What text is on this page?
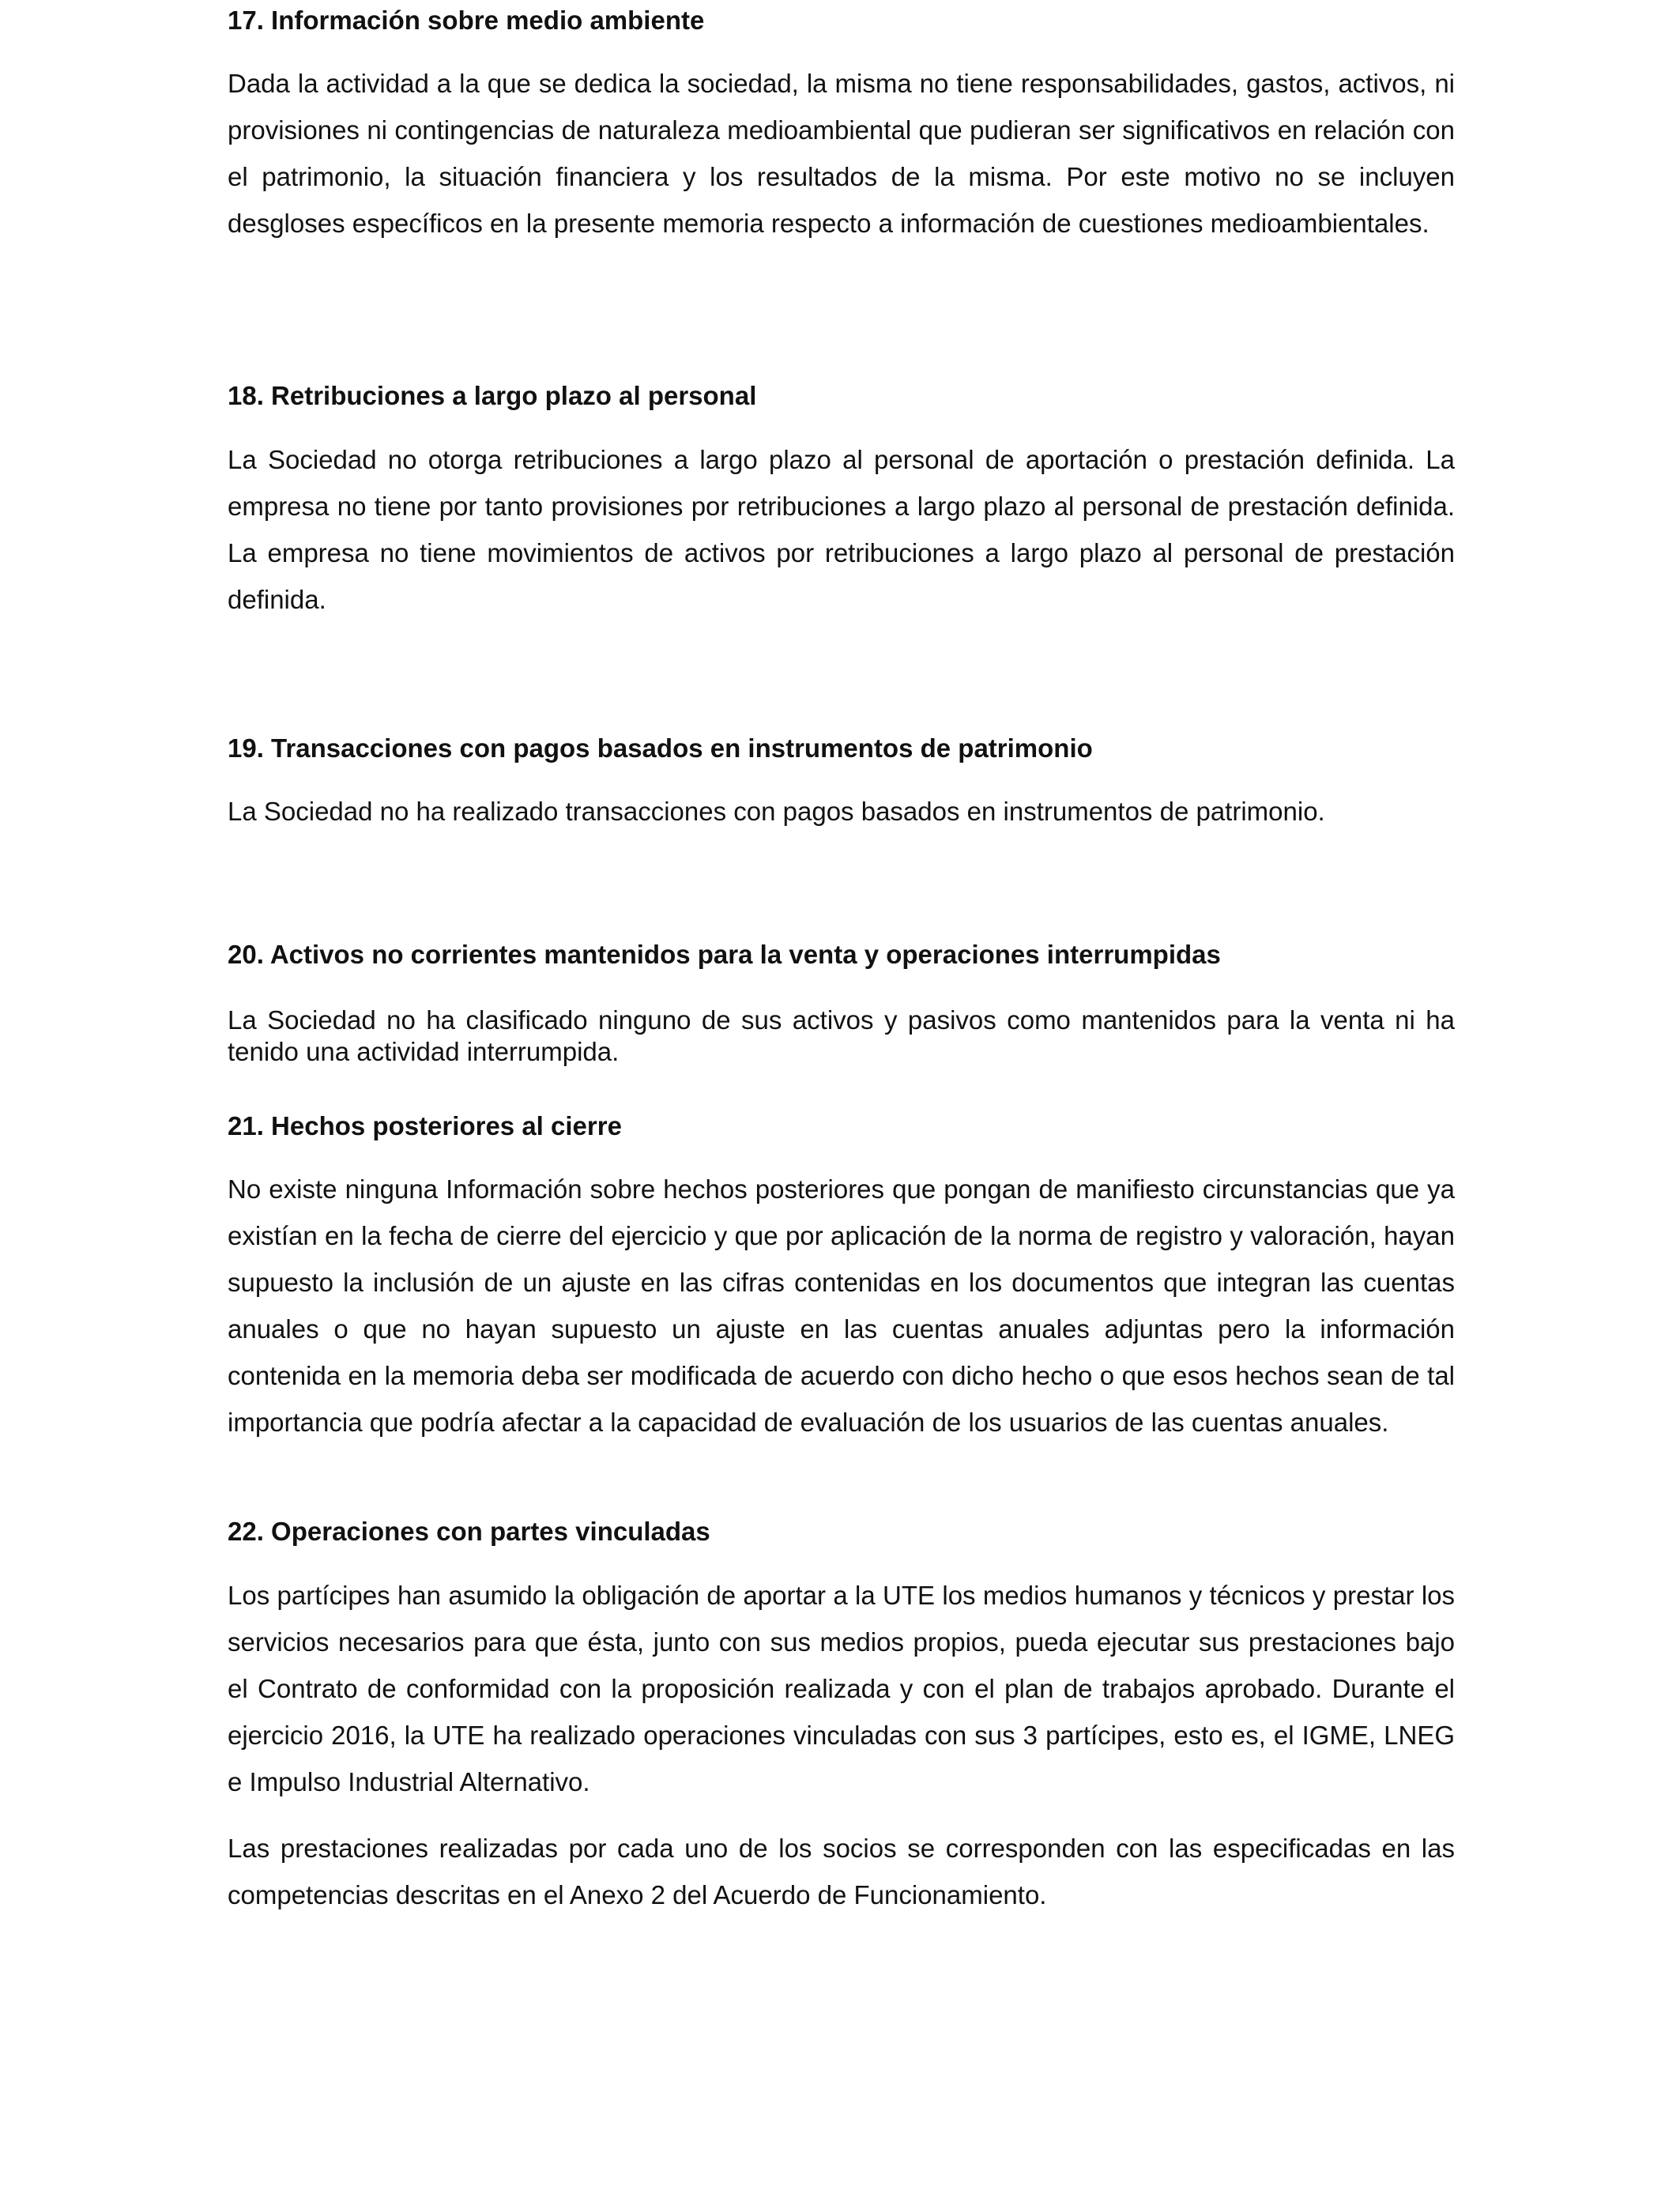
17. Información sobre medio ambiente

Dada la actividad a la que se dedica la sociedad, la misma no tiene responsabilidades, gastos, activos, ni provisiones ni contingencias de naturaleza medioambiental que pudieran ser significativos en relación con el patrimonio, la situación financiera y los resultados de la misma. Por este motivo no se incluyen desgloses específicos en la presente memoria respecto a información de cuestiones medioambientales.

18. Retribuciones a largo plazo al personal

La Sociedad no otorga retribuciones a largo plazo al personal de aportación o prestación definida. La empresa no tiene por tanto provisiones por retribuciones a largo plazo al personal de prestación definida. La empresa no tiene movimientos de activos por retribuciones a largo plazo al personal de prestación definida.

19. Transacciones con pagos basados en instrumentos de patrimonio

La Sociedad no ha realizado transacciones con pagos basados en instrumentos de patrimonio.

20. Activos no corrientes mantenidos para la venta y operaciones interrumpidas

La Sociedad no ha clasificado ninguno de sus activos y pasivos como mantenidos para la venta ni ha tenido una actividad interrumpida.

21. Hechos posteriores al cierre

No existe ninguna Información sobre hechos posteriores que pongan de manifiesto circunstancias que ya existían en la fecha de cierre del ejercicio y que por aplicación de la norma de registro y valoración, hayan supuesto la inclusión de un ajuste en las cifras contenidas en los documentos que integran las cuentas anuales o que no hayan supuesto un ajuste en las cuentas anuales adjuntas pero la información contenida en la memoria deba ser modificada de acuerdo con dicho hecho o que esos hechos sean de tal importancia que podría afectar a la capacidad de evaluación de los usuarios de las cuentas anuales.

22. Operaciones con partes vinculadas

Los partícipes han asumido la obligación de aportar a la UTE los medios humanos y técnicos y prestar los servicios necesarios para que ésta, junto con sus medios propios, pueda ejecutar sus prestaciones bajo el Contrato de conformidad con la proposición realizada y con el plan de trabajos aprobado. Durante el ejercicio 2016, la UTE ha realizado operaciones vinculadas con sus 3 partícipes, esto es, el IGME, LNEG e Impulso Industrial Alternativo.

Las prestaciones realizadas por cada uno de los socios se corresponden con las especificadas en las competencias descritas en el Anexo 2 del Acuerdo de Funcionamiento.
